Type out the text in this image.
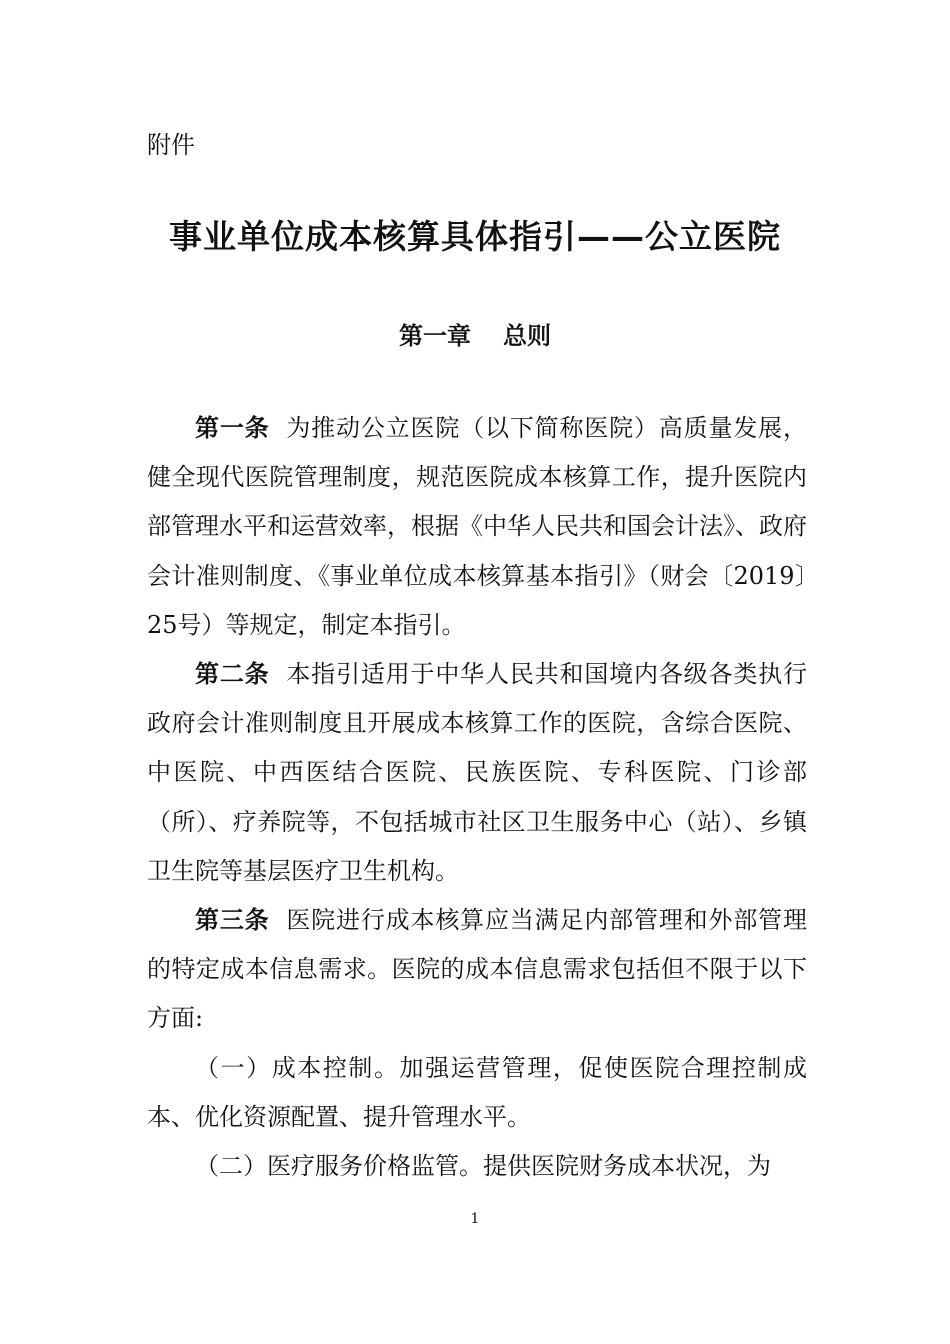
附件
事业单位成本核算具体指引——公立医院
第一章 总则

第一条 为推动公立医院（以下简称医院）高质量发展，健全现代医院管理制度，规范医院成本核算工作，提升医院内部管理水平和运营效率，根据《中华人民共和国会计法》、政府会计准则制度、《事业单位成本核算基本指引》（财会〔2019〕25号）等规定，制定本指引。

第二条 本指引适用于中华人民共和国境内各级各类执行政府会计准则制度且开展成本核算工作的医院，含综合医院、中医院、中西医结合医院、民族医院、专科医院、门诊部（所）、疗养院等，不包括城市社区卫生服务中心（站）、乡镇卫生院等基层医疗卫生机构。

第三条 医院进行成本核算应当满足内部管理和外部管理的特定成本信息需求。医院的成本信息需求包括但不限于以下方面:

（一）成本控制。加强运营管理，促使医院合理控制成本、优化资源配置、提升管理水平。

（二）医疗服务价格监管。提供医院财务成本状况，为

1
